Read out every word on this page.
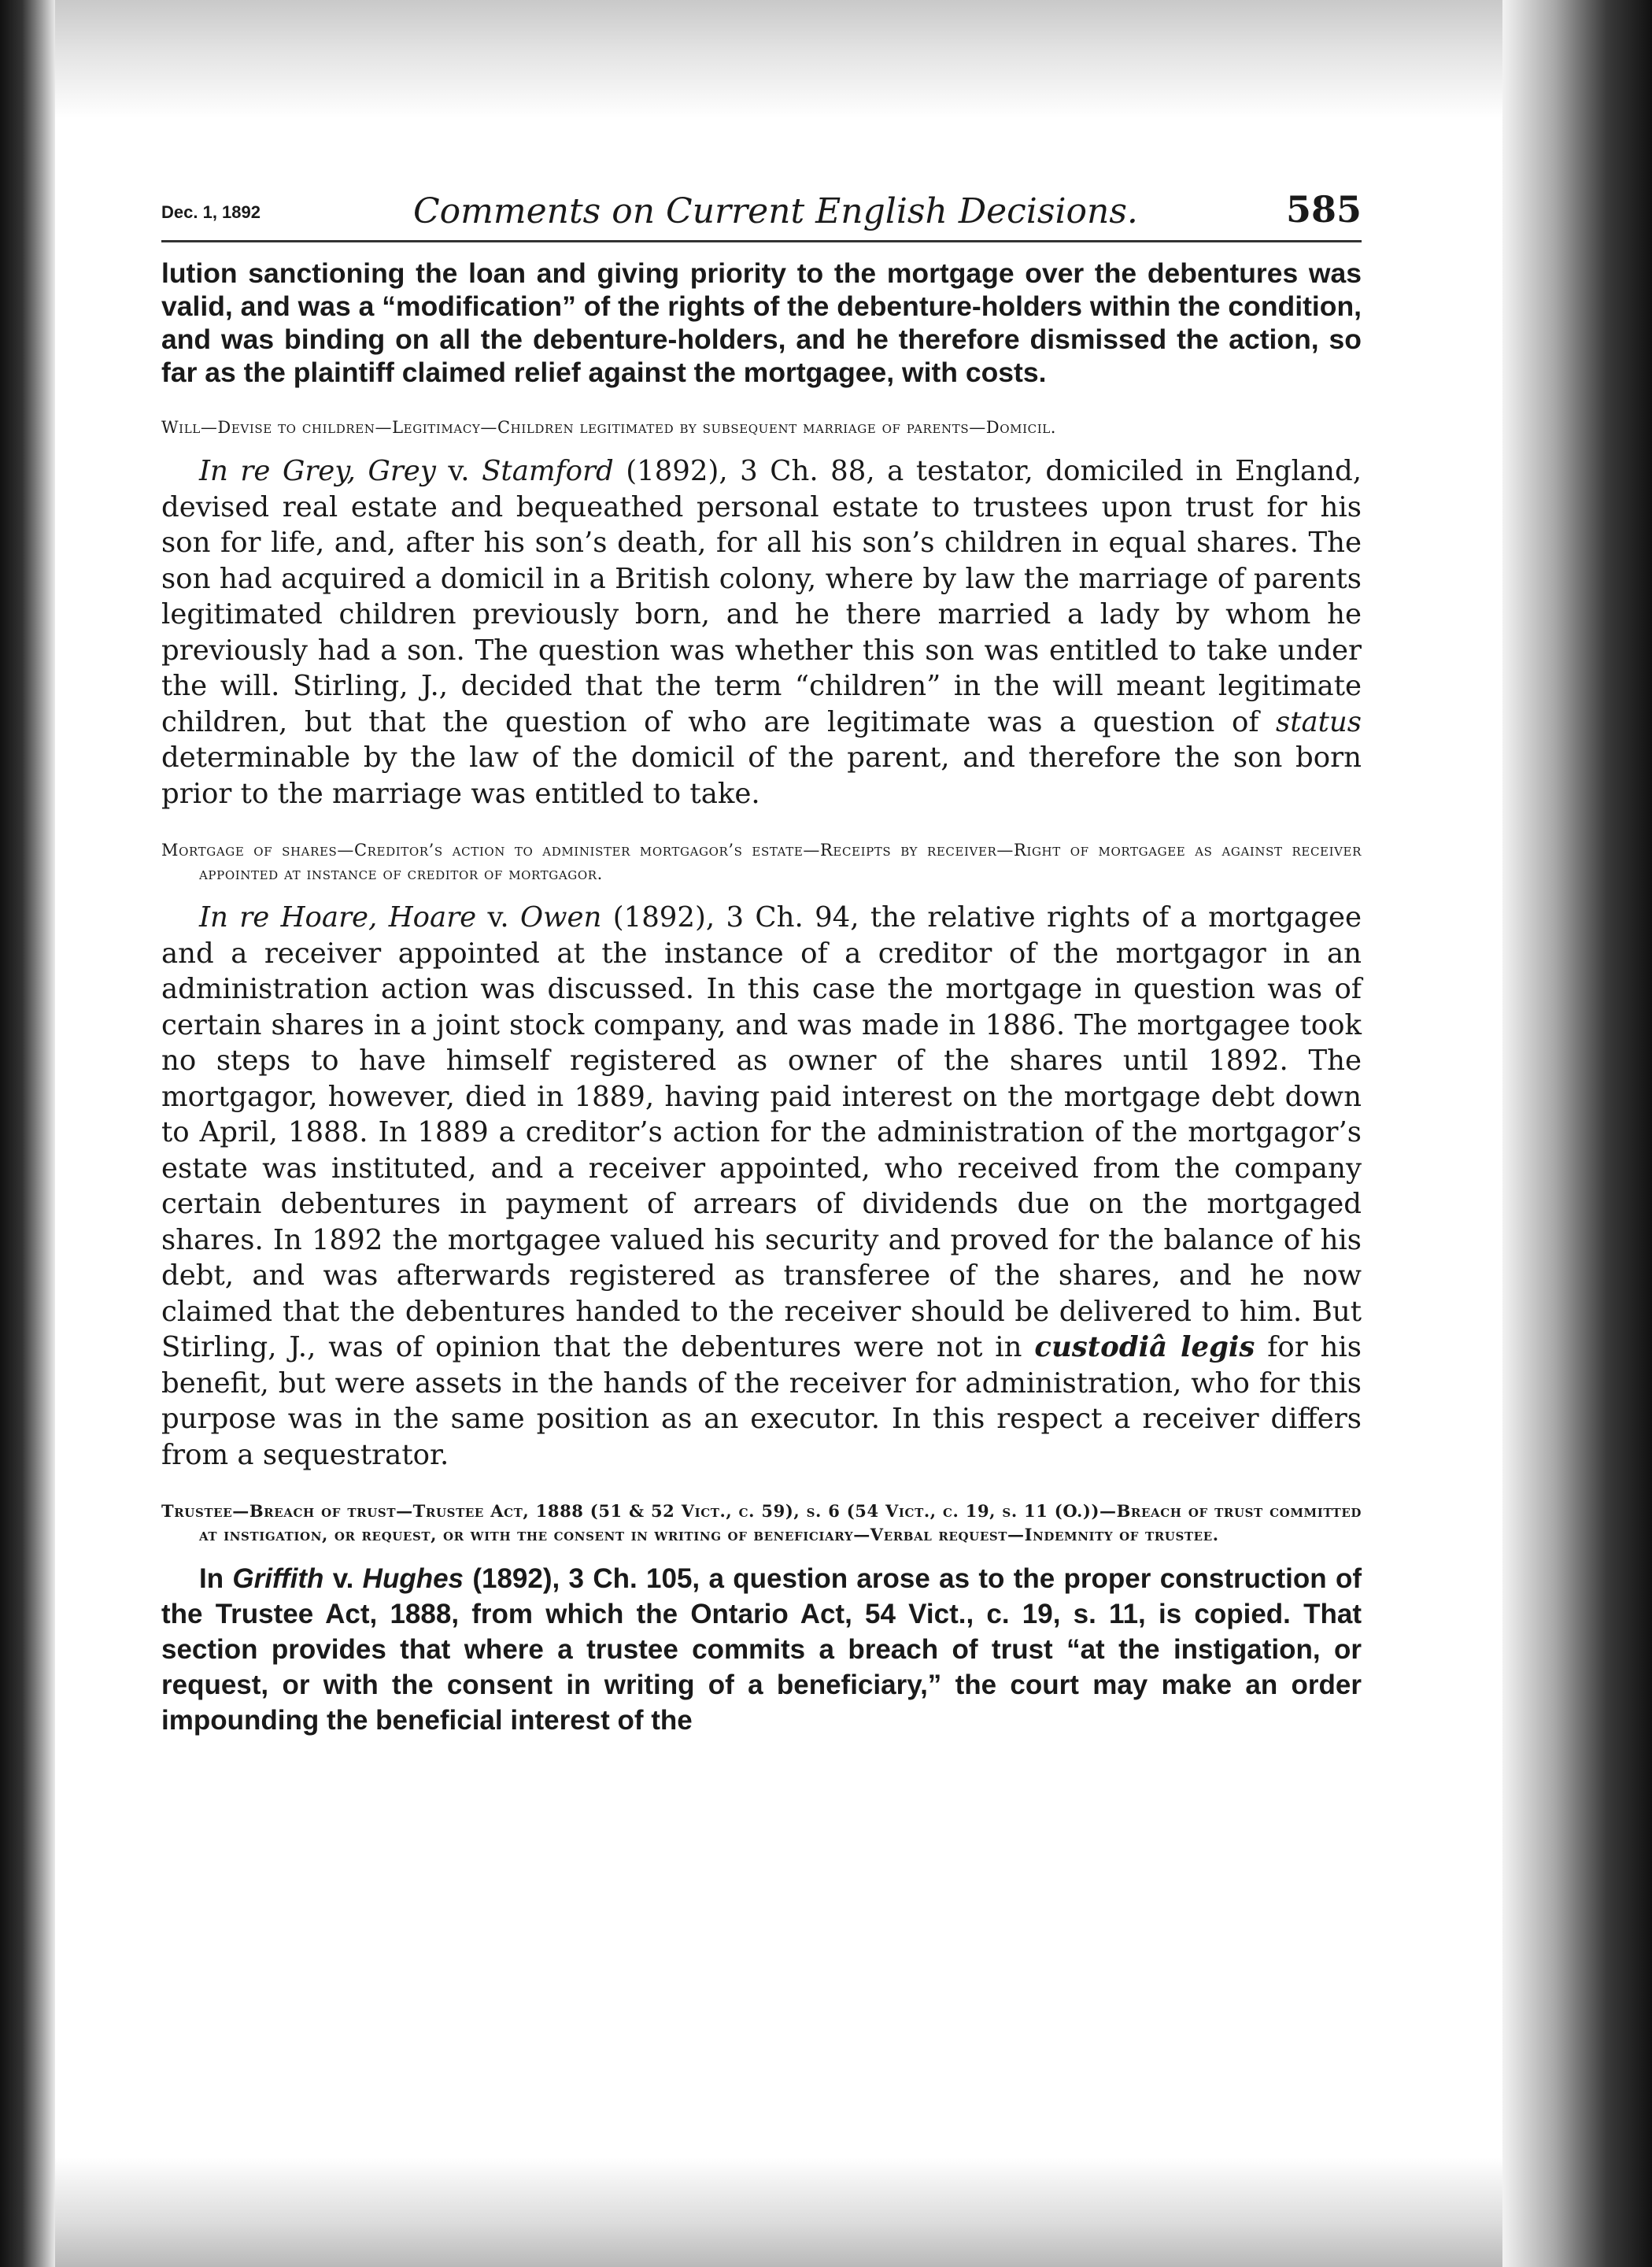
Dec. 1, 1892	Comments on Current English Decisions.	585

lution sanctioning the loan and giving priority to the mortgage over the debentures was valid, and was a “modification” of the rights of the debenture-holders within the condition, and was binding on all the debenture-holders, and he therefore dismissed the action, so far as the plaintiff claimed relief against the mortgagee, with costs.

Will—Devise to children—Legitimacy—Children legitimated by subsequent marriage of parents—Domicil.

In re Grey, Grey v. Stamford (1892), 3 Ch. 88, a testator, domiciled in England, devised real estate and bequeathed personal estate to trustees upon trust for his son for life, and, after his son’s death, for all his son’s children in equal shares. The son had acquired a domicil in a British colony, where by law the marriage of parents legitimated children previously born, and he there married a lady by whom he previously had a son. The question was whether this son was entitled to take under the will. Stirling, J., decided that the term “children” in the will meant legitimate children, but that the question of who are legitimate was a question of status determinable by the law of the domicil of the parent, and therefore the son born prior to the marriage was entitled to take.

Mortgage of shares—Creditor’s action to administer mortgagor’s estate—Receipts by receiver—Right of mortgagee as against receiver appointed at instance of creditor of mortgagor.

In re Hoare, Hoare v. Owen (1892), 3 Ch. 94, the relative rights of a mortgagee and a receiver appointed at the instance of a creditor of the mortgagor in an administration action was discussed. In this case the mortgage in question was of certain shares in a joint stock company, and was made in 1886. The mortgagee took no steps to have himself registered as owner of the shares until 1892. The mortgagor, however, died in 1889, having paid interest on the mortgage debt down to April, 1888. In 1889 a creditor’s action for the administration of the mortgagor’s estate was instituted, and a receiver appointed, who received from the company certain debentures in payment of arrears of dividends due on the mortgaged shares. In 1892 the mortgagee valued his security and proved for the balance of his debt, and was afterwards registered as transferee of the shares, and he now claimed that the debentures handed to the receiver should be delivered to him. But Stirling, J., was of opinion that the debentures were not in custodiâ legis for his benefit, but were assets in the hands of the receiver for administration, who for this purpose was in the same position as an executor. In this respect a receiver differs from a sequestrator.

Trustee—Breach of trust—Trustee Act, 1888 (51 & 52 Vict., c. 59), s. 6 (54 Vict., c. 19, s. 11 (O.))—Breach of trust committed at instigation, or request, or with the consent in writing of beneficiary—Verbal request—Indemnity of trustee.

In Griffith v. Hughes (1892), 3 Ch. 105, a question arose as to the proper construction of the Trustee Act, 1888, from which the Ontario Act, 54 Vict., c. 19, s. 11, is copied. That section provides that where a trustee commits a breach of trust “at the instigation, or request, or with the consent in writing of a beneficiary,” the court may make an order impounding the beneficial interest of the
